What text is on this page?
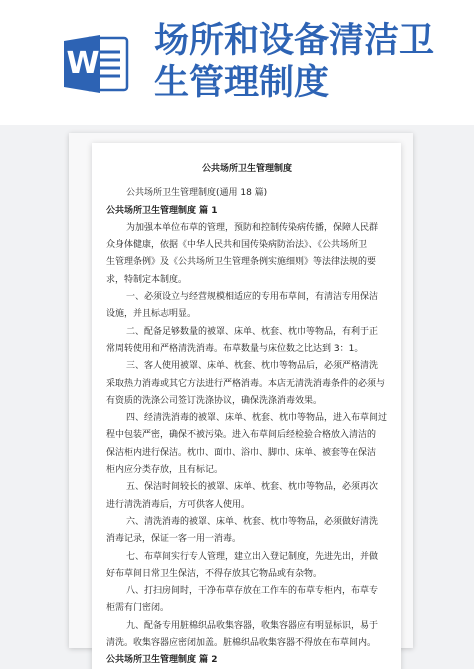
W
场所和设备清洁卫
生管理制度
公共场所卫生管理制度
公共场所卫生管理制度(通用 18 篇)
公共场所卫生管理制度 篇 1
为加强本单位布草的管理，预防和控制传染病传播，保障人民群
众身体健康，依据《中华人民共和国传染病防治法》、《公共场所卫
生管理条例》及《公共场所卫生管理条例实施细则》等法律法规的要
求，特制定本制度。
一、必须设立与经营规模相适应的专用布草间，有清洁专用保洁
设施，并且标志明显。
二、配备足够数量的被罩、床单、枕套、枕巾等物品，有利于正
常周转使用和严格清洗消毒。布草数量与床位数之比达到 3：1。
三、客人使用被罩、床单、枕套、枕巾等物品后，必须严格清洗
采取热力消毒或其它方法进行严格消毒。本店无清洗消毒条件的必须与
有资质的洗涤公司签订洗涤协议，确保洗涤消毒效果。
四、经清洗消毒的被罩、床单、枕套、枕巾等物品，进入布草间过
程中包装严密，确保不被污染。进入布草间后经检验合格放入清洁的
保洁柜内进行保洁。枕巾、面巾、浴巾、脚巾、床单、被套等在保洁
柜内应分类存放，且有标记。
五、保洁时间较长的被罩、床单、枕套、枕巾等物品，必须再次
进行清洗消毒后，方可供客人使用。
六、清洗消毒的被罩、床单、枕套、枕巾等物品，必须做好清洗
消毒记录，保证一客一用一消毒。
七、布草间实行专人管理，建立出入登记制度，先进先出，并做
好布草间日常卫生保洁，不得存放其它物品或有杂物。
八、打扫房间时，干净布草存放在工作车的布草专柜内，布草专
柜需有门密闭。
九、配备专用脏棉织品收集容器，收集容器应有明显标识，易于
清洗。收集容器应密闭加盖。脏棉织品收集容器不得放在布草间内。
公共场所卫生管理制度 篇 2
